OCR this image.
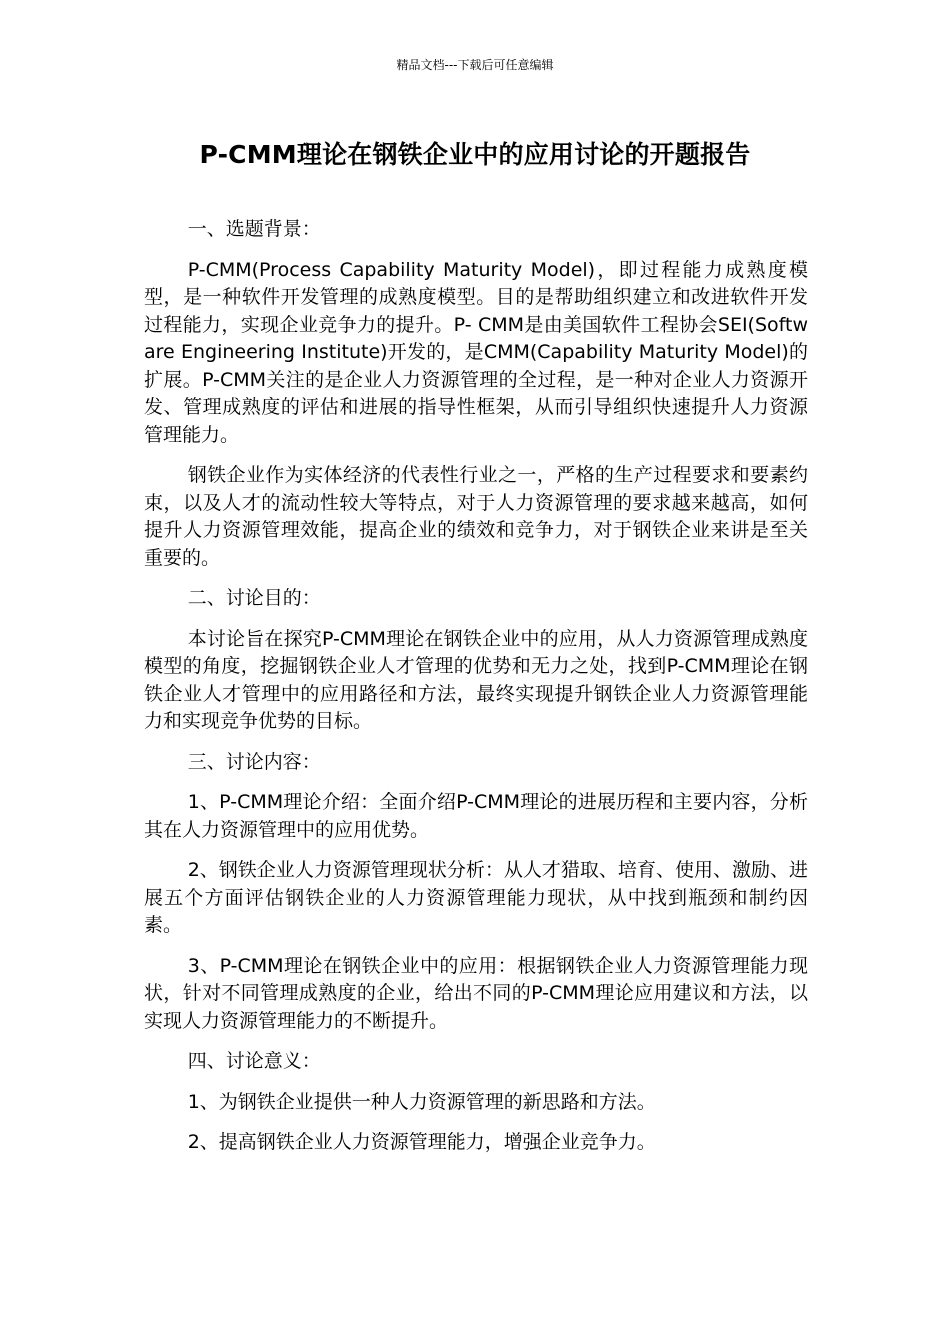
精品文档---下载后可任意编辑
P-CMM理论在钢铁企业中的应用讨论的开题报告

一、选题背景：

P-CMM(Process Capability Maturity Model)，即过程能力成熟度模型，是一种软件开发管理的成熟度模型。目的是帮助组织建立和改进软件开发过程能力，实现企业竞争力的提升。P- CMM是由美国软件工程协会SEI(Software Engineering Institute)开发的，是CMM(Capability Maturity Model)的扩展。P-CMM关注的是企业人力资源管理的全过程，是一种对企业人力资源开发、管理成熟度的评估和进展的指导性框架，从而引导组织快速提升人力资源管理能力。

钢铁企业作为实体经济的代表性行业之一，严格的生产过程要求和要素约束，以及人才的流动性较大等特点，对于人力资源管理的要求越来越高，如何提升人力资源管理效能，提高企业的绩效和竞争力，对于钢铁企业来讲是至关重要的。

二、讨论目的：

本讨论旨在探究P-CMM理论在钢铁企业中的应用，从人力资源管理成熟度模型的角度，挖掘钢铁企业人才管理的优势和无力之处，找到P-CMM理论在钢铁企业人才管理中的应用路径和方法，最终实现提升钢铁企业人力资源管理能力和实现竞争优势的目标。

三、讨论内容：

1、P-CMM理论介绍：全面介绍P-CMM理论的进展历程和主要内容，分析其在人力资源管理中的应用优势。

2、钢铁企业人力资源管理现状分析：从人才猎取、培育、使用、激励、进展五个方面评估钢铁企业的人力资源管理能力现状，从中找到瓶颈和制约因素。

3、P-CMM理论在钢铁企业中的应用：根据钢铁企业人力资源管理能力现状，针对不同管理成熟度的企业，给出不同的P-CMM理论应用建议和方法，以实现人力资源管理能力的不断提升。

四、讨论意义：

1、为钢铁企业提供一种人力资源管理的新思路和方法。

2、提高钢铁企业人力资源管理能力，增强企业竞争力。
